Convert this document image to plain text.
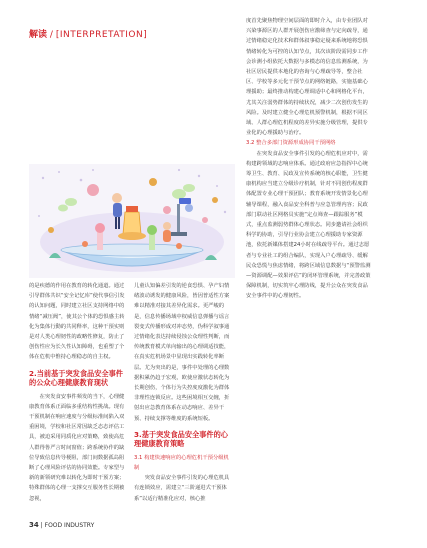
解读 / [INTERPRETATION]

的是疾德的作用在教育的转化通道。通过引导群体共识“安全记忆库”使代事信引发的认知问题，同时建立社区支持网络中的情绪“减压阀”，使其公个体的恐惧感主转化为集体行動的共同释率，这种干预实则是对人类心理韧性的政略性修复，防止了创伤性应为长久性认知障碍，也重塑了个体在危机中惟持心理稳态的自主权。

2.当前基于突发食品安全事件的公众心理健康教育现状

在突发食安事件频发的当下，心理健康教育体系正面临多重结构性挑战。现有干预机制在响应速度与分级标准间陷入双重困境，学校和社区常因缺乏态态评估工具，被迫采用同质化应对策略，致使高危人群得鲁严言时间窗值；跨系统协作的缺位导致信息传导梗阻，部门间数据孤岛阻断了心理风险评估的协同效能。专家型与新的新领研究难以转化为即时干预方案；特殊群体的心理一支撑交互服务性长期被忽视，

儿童认知偏差引发的逆食恐惧、孕产妇情绪波动诱发的健康风险，皆因普适性方案难以精准对接其差异化需求。更严峻的是，信息传播场域中权威信息弹播与谣言裂变式传播形成对冲态势，伪科学叙事通过情绪化表达持续侵蚀公众理性判断，而传统教育模式单向输出的心理调适技能，在真实危机场景中显现出实践转化率断层。尤为突出的是，事件中处理的心理数据积累仍趋于宏观，欧使应激状态转化为长期创伤，个体行为失控度度激化为群体非理性连锁反应。这些困境相互交缠，折射出应急教育体系在动态响应、差异干预、持续支撑等维度的系统短板。

3.基于突发食品安全事件的心理健康教育策略
3.1 构建快速响应的心理危机干预分级机制

突发食品安全事件引发的心理危机具有连锁效应，需建立“三阶递进式干预体系”以适行精准化应对，核心推

度首先聚焦物理空间层面的即时介入，由专业团队对兴染事源区的人群开展创伤应激筛查与定向疏导，通过情绪稳定化技术和群体叙事稳定疑来系统地将恐惧情绪转化为可控的认知节点，其次该阶段需同步工作会诊测小组依托大数据与多模态的信息监测系统，为社区居民提供本地化的咨询与心理疏导等，整合社区、学校等多元化干预节点的网络链路，实施基础心理援助；最终推动构建心理调适中心和网格化平台，尤其关注弱势群体的持续状况，减少二次创伤发生的风险。及时建立健全心理危机预警机制，根据不同区域、人群心理危机程度的差异实施分级管理，提供专业化的心理援助与治疗。

3.2 整合多部门资源形成协同干预网络

在突发食品安全事件引发的心理危机应对中，需构建跨领域的志响应体系。通过政府应急指挥中心统筹卫生、教育、民政及宣传系统的核心职能，卫生健康机构应当建立分级诊疗机制，针对不同创伤程度群体配置专业心理干预团队；教育系统开发情景化心理辅导课程，融入食品安全科普与应急管理内容；民政部门联动社区网格员实施“定点筛查—跟踪服务”模式，重点监测弱势群体心理状态。同步邀请社会组织科学的协助，引导行业协会建立心理援助专家资源池，依托新媒体搭建24小时在线疏导平台。通过志愿者与专业社工的组合编队，实现入户心理疏导、缓解民众恐慌与焦虑情绪，将跨区域信息数据与“预警监测—资源调配—效果评估”的闭环管理系统，并完善政策保障机制，切实筑牢心理防线，提升公众在突发食品安全事件中的心理韧性。

34 | FOOD INDUSTRY
